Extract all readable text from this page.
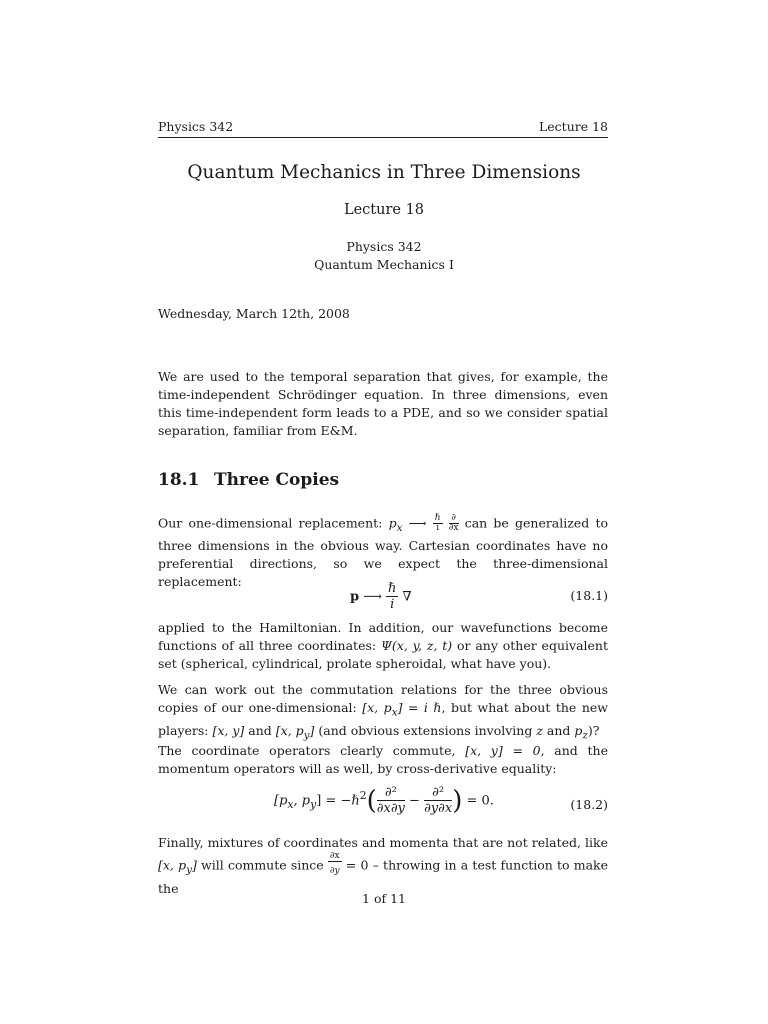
Physics 342	Lecture 18
Quantum Mechanics in Three Dimensions
Lecture 18
Physics 342
Quantum Mechanics I
Wednesday, March 12th, 2008
We are used to the temporal separation that gives, for example, the time-independent Schrödinger equation. In three dimensions, even this time-independent form leads to a PDE, and so we consider spatial separation, familiar from E&M.
18.1 Three Copies
Our one-dimensional replacement: $p_x$ ⟶ $\frac{\text{ℏ}}{i}$
$\frac{\partial}{\partial x}$ can be generalized to three dimensions in the obvious way. Cartesian coordinates have no preferential directions, so we expect the three-dimensional replacement:
p ⟶ $\frac{\text{ℏ}}{i}$ ∇	(18.1)
applied to the Hamiltonian. In addition, our wavefunctions become functions of all three coordinates: Ψ(x, y, z, t) or any other equivalent set (spherical, cylindrical, prolate spheroidal, what have you).
We can work out the commutation relations for the three obvious copies of our one-dimensional: [x, $p_x] = i$ ℏ, but what about the new players: [x, y] and [x, $p_y$] (and obvious extensions involving z and $p_z$)?
The coordinate operators clearly commute, [x, y] = 0, and the momentum operators will as well, by cross-derivative equality:
[$p_x$, $p_y$] = −ℏ$^2$( $\frac{\text{∂²}}{\partial x\partial y} - \frac{\text{∂²}}{\partial y\partial x}) = 0$.	(18.2)
Finally, mixtures of coordinates and momenta that are not related, like [x, $p_y$] will commute since $\frac{\partial x}{\partial y} = 0$ – throwing in a test function to make the
1 of 11
